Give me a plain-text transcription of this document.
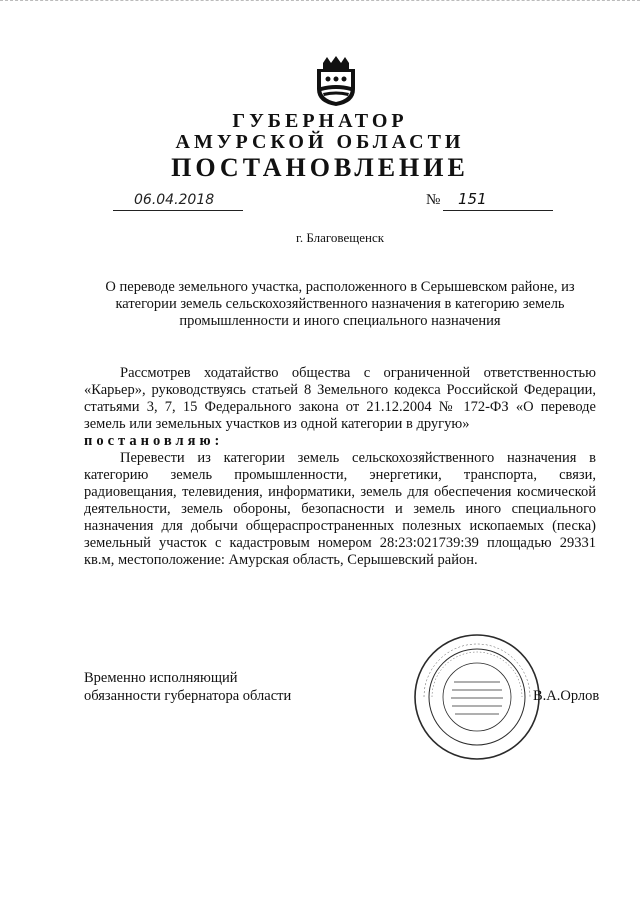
ГУБЕРНАТОР
АМУРСКОЙ ОБЛАСТИ
ПОСТАНОВЛЕНИЕ
06.04.2018	№ 151
г. Благовещенск
О переводе земельного участка, расположенного в Серышевском районе, из категории земель сельскохозяйственного назначения в категорию земель промышленности и иного специального назначения
Рассмотрев ходатайство общества с ограниченной ответственностью «Карьер», руководствуясь статьей 8 Земельного кодекса Российской Федерации, статьями 3, 7, 15 Федерального закона от 21.12.2004 № 172-ФЗ «О переводе земель или земельных участков из одной категории в другую»
постановляю:
Перевести из категории земель сельскохозяйственного назначения в категорию земель промышленности, энергетики, транспорта, связи, радиовещания, телевидения, информатики, земель для обеспечения космической деятельности, земель обороны, безопасности и земель иного специального назначения для добычи общераспространенных полезных ископаемых (песка) земельный участок с кадастровым номером 28:23:021739:39 площадью 29331 кв.м, местоположение: Амурская область, Серышевский район.
Временно исполняющий
обязанности губернатора области	В.А.Орлов
